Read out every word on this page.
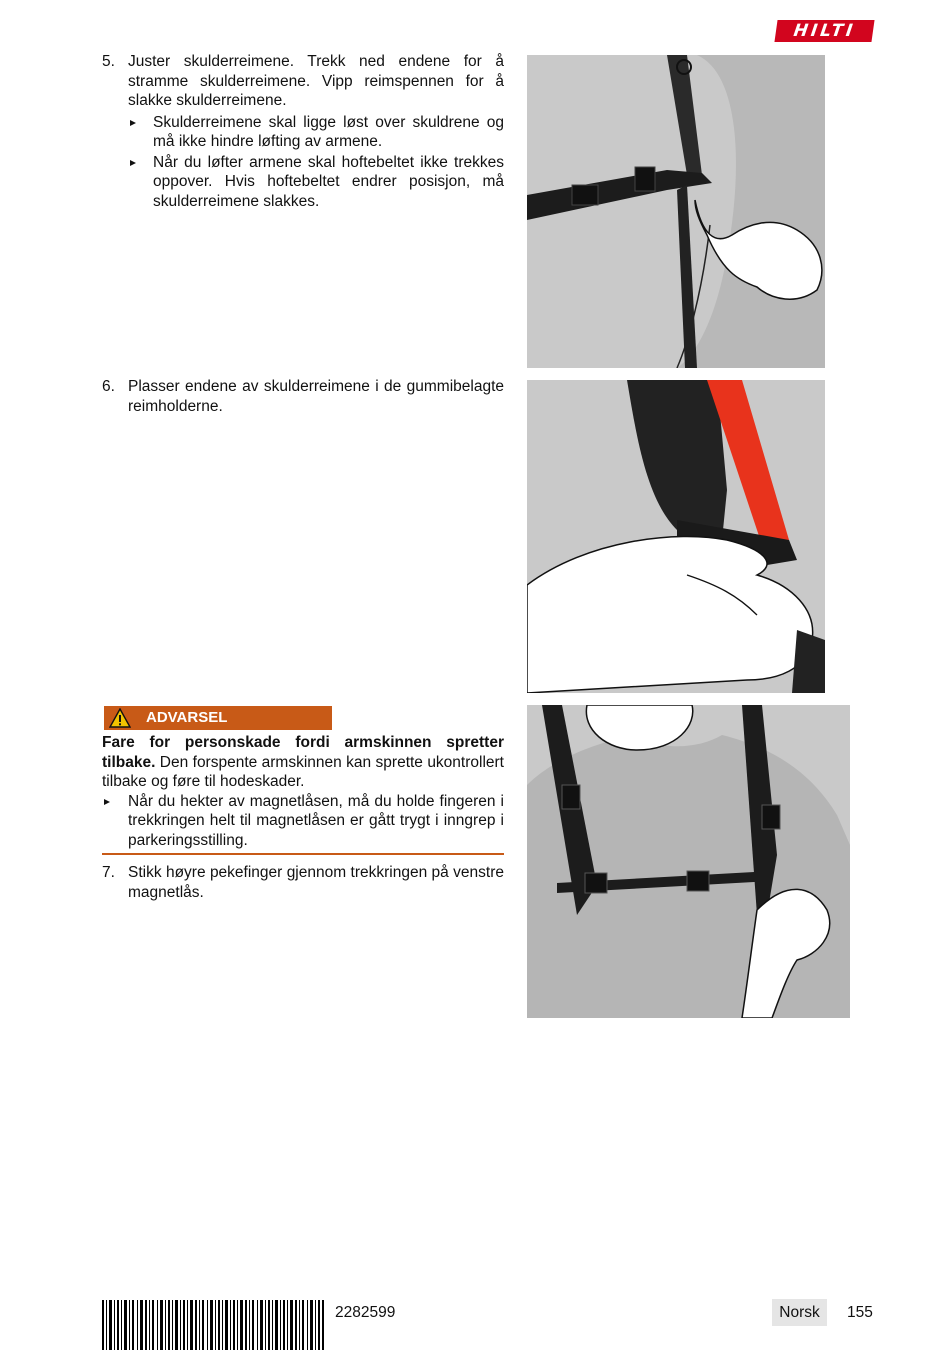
HILTI
5. Juster skulderreimene. Trekk ned endene for å stramme skulderreimene. Vipp reimspennen for å slakke skulderreimene.
Skulderreimene skal ligge løst over skuldrene og må ikke hindre løfting av armene.
Når du løfter armene skal hoftebeltet ikke trekkes oppover. Hvis hoftebeltet endrer posisjon, må skulderreimene slakkes.
6. Plasser endene av skulderreimene i de gummibelagte reimholderne.
ADVARSEL

Fare for personskade fordi armskinnen spretter tilbake. Den forspente armskinnen kan sprette ukontrollert tilbake og føre til hodeskader.

Når du hekter av magnetlåsen, må du holde fingeren i trekkringen helt til magnetlåsen er gått trygt i inngrep i parkeringsstilling.
7. Stikk høyre pekefinger gjennom trekkringen på venstre magnetlås.
2282599	Norsk	155
